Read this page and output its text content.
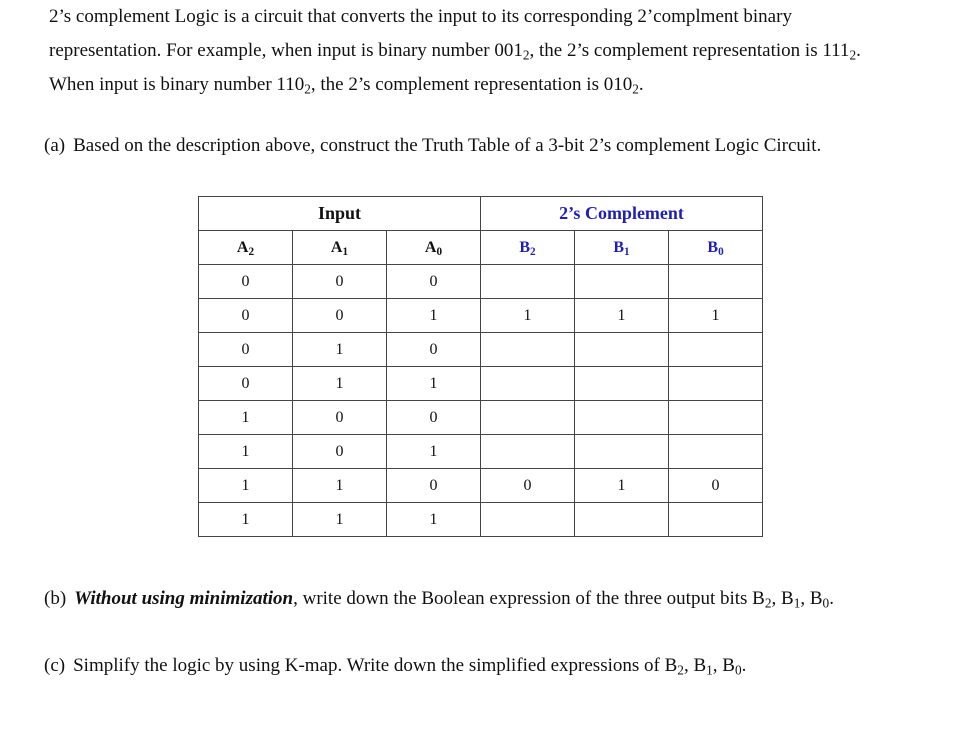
2’s complement Logic is a circuit that converts the input to its corresponding 2’complment binary
representation. For example, when input is binary number $001_2$, the 2’s complement representation is $111_2$.
When input is binary number $110_2$, the 2’s complement representation is $010_2$.
(a) Based on the description above, construct the Truth Table of a 3-bit 2’s complement Logic Circuit.
Input			2’s Complement		
$A_2$	$A_1$	$A_0$	$B_2$	$B_1$	$B_0$
0	0	0			
0	0	1	1	1	1
0	1	0			
0	1	1			
1	0	0			
1	0	1			
1	1	0	0	1	0
1	1	1			
(b) Without using minimization, write down the Boolean expression of the three output bits $B_2$, $B_1$, $B_0$.
(c) Simplify the logic by using K-map. Write down the simplified expressions of $B_2$, $B_1$, $B_0$.
